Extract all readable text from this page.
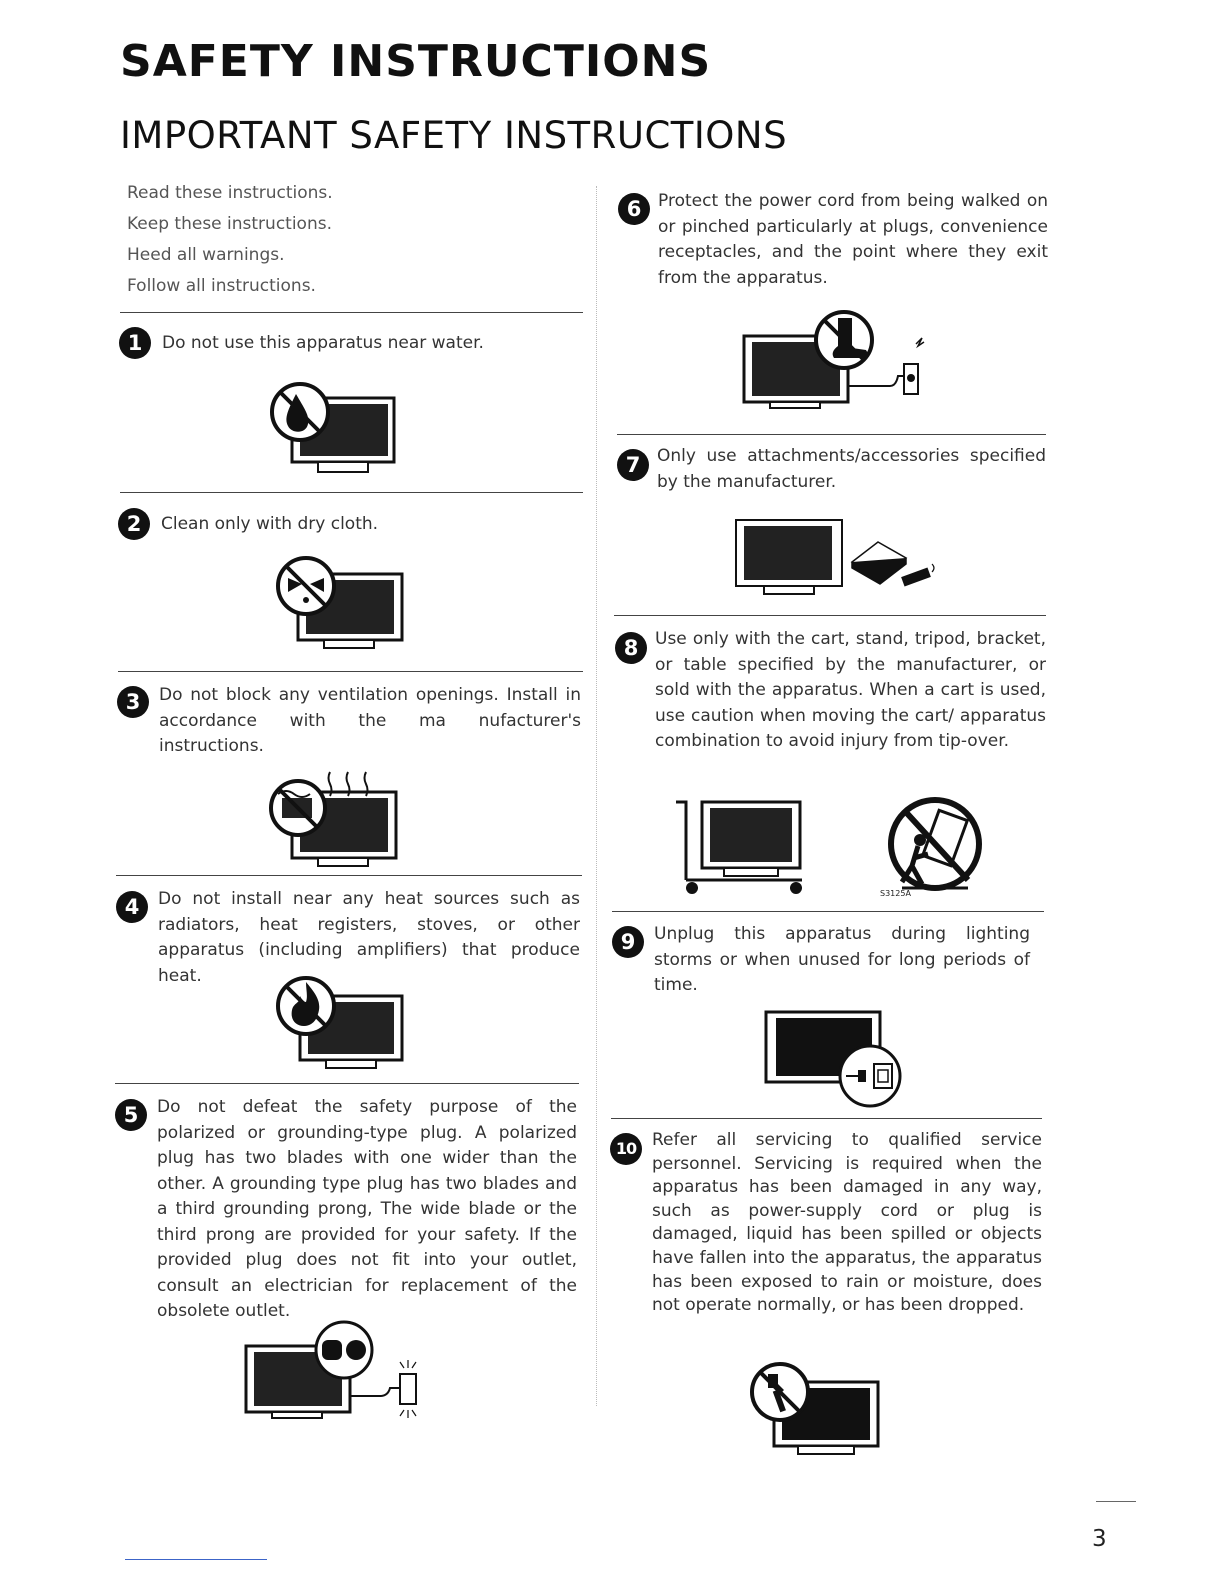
SAFETY INSTRUCTIONS
IMPORTANT SAFETY INSTRUCTIONS
Read these instructions.
Keep these instructions.
Heed all warnings.
Follow all instructions.
1	Do not use this apparatus near water.
2	Clean only with dry cloth.
3	Do not block any ventilation openings. Install in accordance with the ma nufacturer's instructions.
4	Do not install near any heat sources such as radiators, heat registers, stoves, or other apparatus (including amplifiers) that produce heat.
5	Do not defeat the safety purpose of the polarized or grounding-type plug. A polarized plug has two blades with one wider than the other. A grounding type plug has two blades and a third grounding prong, The wide blade or the third prong are provided for your safety. If the provided plug does not fit into your outlet, consult an electrician for replacement of the obsolete outlet.
6 Protect the power cord from being walked on or pinched particularly at plugs, convenience receptacles, and the point where they exit from the apparatus.
7 Only use attachments/accessories specified by the manufacturer.
8 Use only with the cart, stand, tripod, bracket, or table specified by the manufacturer, or sold with the apparatus. When a cart is used, use caution when moving the cart/ apparatus combination to avoid injury from tip-over.
S3125A
9	Unplug this apparatus during lighting storms or when unused for long periods of time.
10 Refer all servicing to qualified service personnel. Servicing is required when the apparatus has been damaged in any way, such as power-supply cord or plug is damaged, liquid has been spilled or objects have fallen into the apparatus, the apparatus has been exposed to rain or moisture, does not operate normally, or has been dropped.
3
